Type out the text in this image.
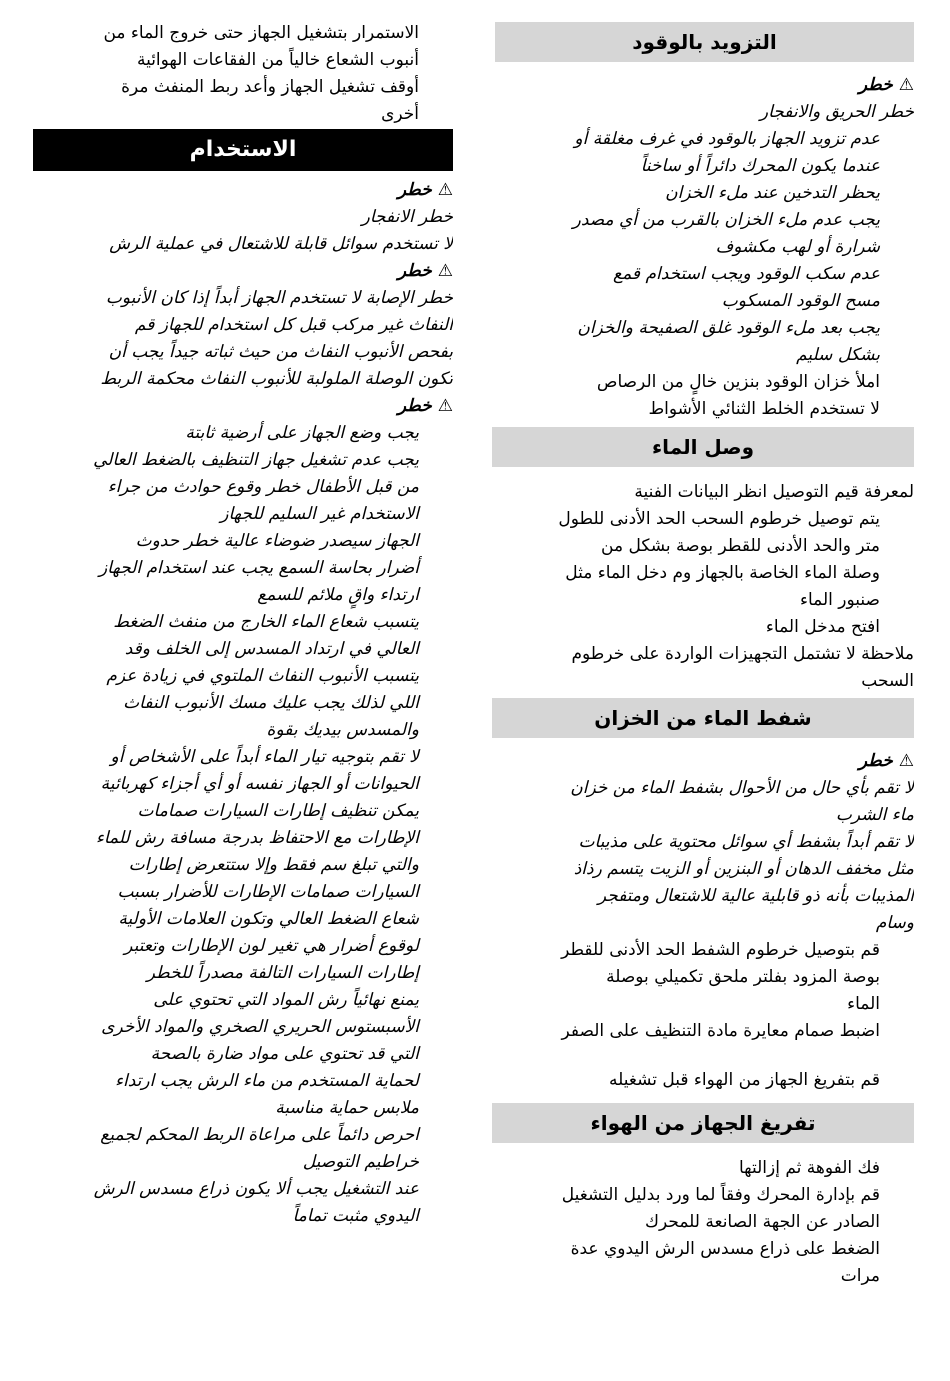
التزويد بالوقود
⚠خطر
خطر الحريق والانفجار
عدم تزويد الجهاز بالوقود في غرف مغلقة أو
عندما يكون المحرك دائراً أو ساخناً
يحظر التدخين عند ملء الخزان
يجب عدم ملء الخزان بالقرب من أي مصدر
شرارة أو لهب مكشوف
عدم سكب الوقود ويجب استخدام قمع
مسح الوقود المسكوب
يجب بعد ملء الوقود غلق الصفيحة والخزان
بشكل سليم
املأ خزان الوقود بنزين خالٍ من الرصاص
لا تستخدم الخلط الثنائي الأشواط
وصل الماء
لمعرفة قيم التوصيل انظر البيانات الفنية
يتم توصيل خرطوم السحب الحد الأدنى للطول
متر والحد الأدنى للقطر بوصة بشكل من
وصلة الماء الخاصة بالجهاز وم دخل الماء مثل
صنبور الماء
افتح مدخل الماء
ملاحظة لا تشتمل التجهيزات الواردة على خرطوم
السحب
شفط الماء من الخزان
⚠خطر
لا تقم بأي حال من الأحوال بشفط الماء من خزان
ماء الشرب
لا تقم أبداً بشفط أي سوائل محتوية على مذيبات
مثل مخفف الدهان أو البنزين أو الزيت يتسم رذاذ
المذيبات بأنه ذو قابلية عالية للاشتعال ومتفجر
وسام
قم بتوصيل خرطوم الشفط الحد الأدنى للقطر
بوصة المزود بفلتر ملحق تكميلي بوصلة
الماء
اضبط صمام معايرة مادة التنظيف على الصفر
قم بتفريغ الجهاز من الهواء قبل تشغيله
تفريغ الجهاز من الهواء
فك الفوهة ثم إزالتها
قم بإدارة المحرك وفقاً لما ورد بدليل التشغيل
الصادر عن الجهة الصانعة للمحرك
الضغط على ذراع مسدس الرش اليدوي عدة
مرات
الاستمرار بتشغيل الجهاز حتى خروج الماء من
أنبوب الشعاع خالياً من الفقاعات الهوائية
أوقف تشغيل الجهاز وأعد ربط المنفث مرة
أخرى
الاستخدام
⚠خطر
خطر الانفجار
لا تستخدم سوائل قابلة للاشتعال في عملية الرش
⚠خطر
خطر الإصابة لا تستخدم الجهاز أبداً إذا كان الأنبوب
النفاث غير مركب قبل كل استخدام للجهاز قم
بفحص الأنبوب النفاث من حيث ثباته جيداً يجب أن
تكون الوصلة الملولبة للأنبوب النفاث محكمة الربط
⚠خطر
يجب وضع الجهاز على أرضية ثابتة
يجب عدم تشغيل جهاز التنظيف بالضغط العالي
من قبل الأطفال خطر وقوع حوادث من جراء
الاستخدام غير السليم للجهاز
الجهاز سيصدر ضوضاء عالية خطر حدوث
أضرار بحاسة السمع يجب عند استخدام الجهاز
ارتداء واقٍ ملائم للسمع
يتسبب شعاع الماء الخارج من منفث الضغط
العالي في ارتداد المسدس إلى الخلف وقد
يتسبب الأنبوب النفاث الملتوي في زيادة عزم
اللي لذلك يجب عليك مسك الأنبوب النفاث
والمسدس بيديك بقوة
لا تقم بتوجيه تيار الماء أبداً على الأشخاص أو
الحيوانات أو الجهاز نفسه أو أي أجزاء كهربائية
يمكن تنظيف إطارات السيارات صمامات
الإطارات مع الاحتفاظ بدرجة مسافة رش للماء
والتي تبلغ سم فقط وإلا ستتعرض إطارات
السيارات صمامات الإطارات للأضرار بسبب
شعاع الضغط العالي وتكون العلامات الأولية
لوقوع أضرار هي تغير لون الإطارات وتعتبر
إطارات السيارات التالفة مصدراً للخطر
يمنع نهائياً رش المواد التي تحتوي على
الأسبستوس الحريري الصخري والمواد الأخرى
التي قد تحتوي على مواد ضارة بالصحة
لحماية المستخدم من ماء الرش يجب ارتداء
ملابس حماية مناسبة
احرص دائماً على مراعاة الربط المحكم لجميع
خراطيم التوصيل
عند التشغيل يجب ألا يكون ذراع مسدس الرش
اليدوي مثبت تماماً
